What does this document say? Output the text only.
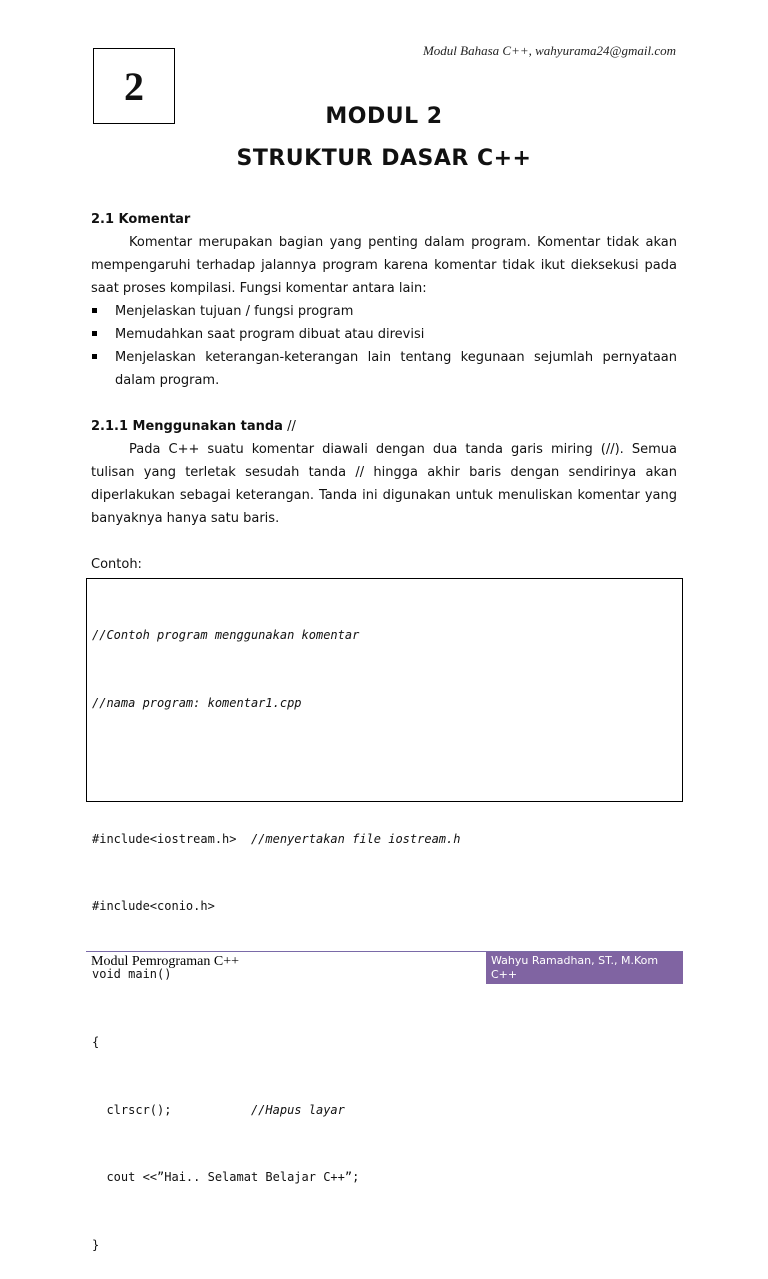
Modul Bahasa C++, wahyurama24@gmail.com
2
MODUL 2
STRUKTUR DASAR C++
2.1 Komentar
Komentar merupakan bagian yang penting dalam program. Komentar tidak akan mempengaruhi terhadap jalannya program karena komentar tidak ikut dieksekusi pada saat proses kompilasi. Fungsi komentar antara lain:
Menjelaskan tujuan / fungsi program
Memudahkan saat program dibuat atau direvisi
Menjelaskan keterangan-keterangan lain tentang kegunaan sejumlah pernyataan dalam program.
2.1.1 Menggunakan tanda //
Pada C++ suatu komentar diawali dengan dua tanda garis miring (//). Semua tulisan yang terletak sesudah tanda // hingga akhir baris dengan sendirinya akan diperlakukan sebagai keterangan. Tanda ini digunakan untuk menuliskan komentar yang banyaknya hanya satu baris.
Contoh:

//Contoh program menggunakan komentar

//nama program: komentar1.cpp

#include<iostream.h>  //menyertakan file iostream.h

#include<conio.h>

void main()

{

clrscr();           //Hapus layar

cout <<”Hai.. Selamat Belajar C++”;

}

Modul Pemrograman C++	Wahyu Ramadhan, ST., M.Kom
C++
